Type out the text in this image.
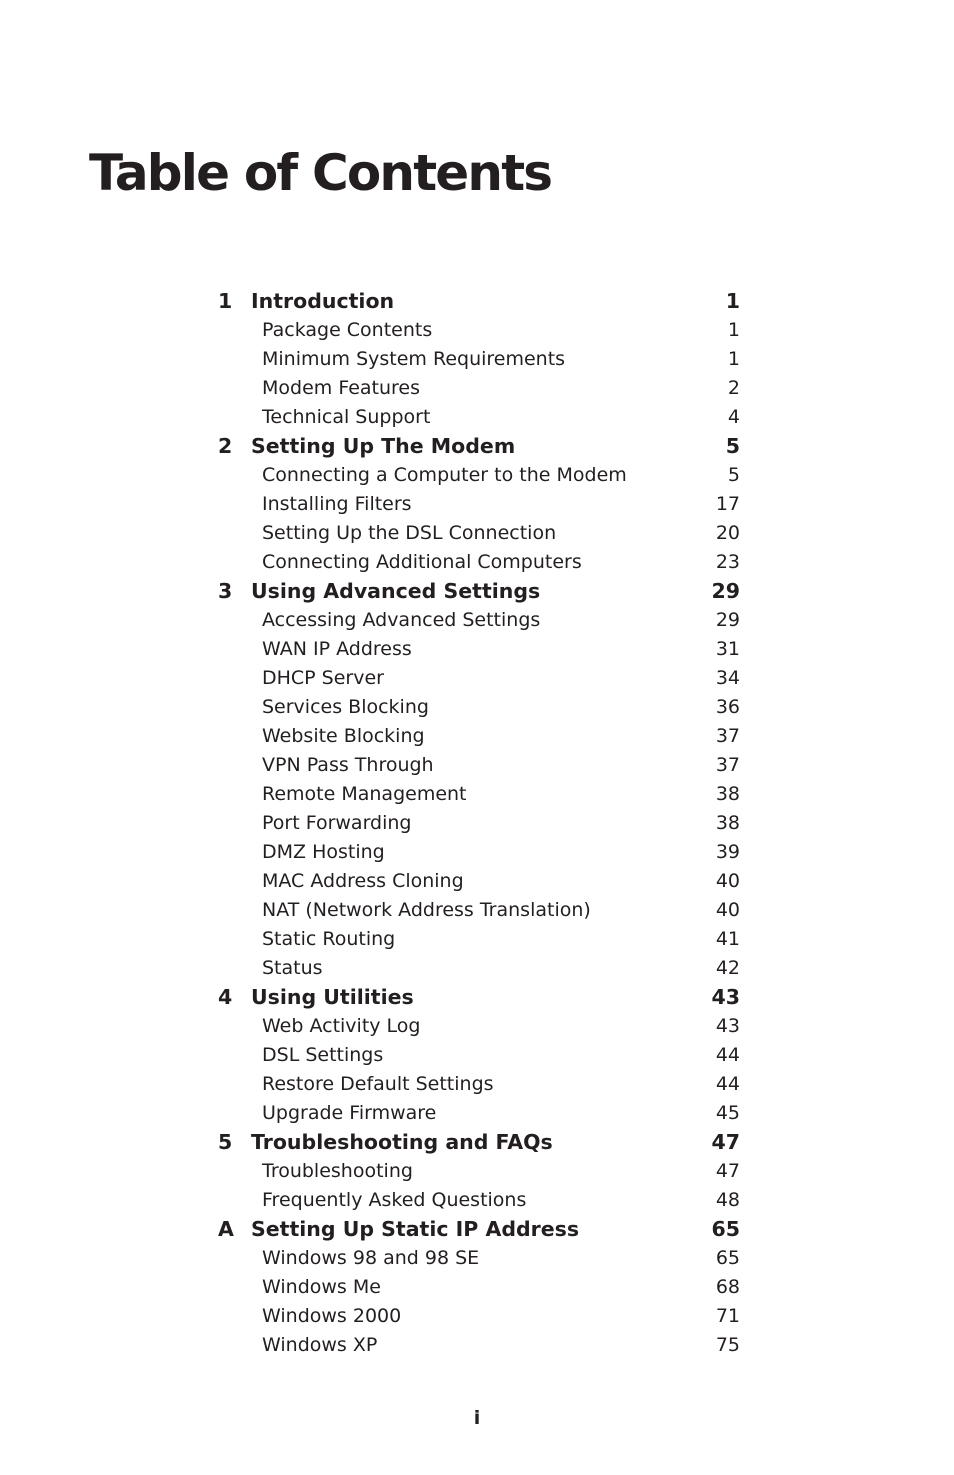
Table of Contents
1 Introduction	1
Package Contents	1
Minimum System Requirements	1
Modem Features	2
Technical Support	4
2 Setting Up The Modem	5
Connecting a Computer to the Modem	5
Installing Filters	17
Setting Up the DSL Connection	20
Connecting Additional Computers	23
3 Using Advanced Settings	29
Accessing Advanced Settings	29
WAN IP Address	31
DHCP Server	34
Services Blocking	36
Website Blocking	37
VPN Pass Through	37
Remote Management	38
Port Forwarding	38
DMZ Hosting	39
MAC Address Cloning	40
NAT (Network Address Translation)	40
Static Routing	41
Status	42
4 Using Utilities	43
Web Activity Log	43
DSL Settings	44
Restore Default Settings	44
Upgrade Firmware	45
5 Troubleshooting and FAQs	47
Troubleshooting	47
Frequently Asked Questions	48
A Setting Up Static IP Address	65
Windows 98 and 98 SE	65
Windows Me	68
Windows 2000	71
Windows XP	75
i
